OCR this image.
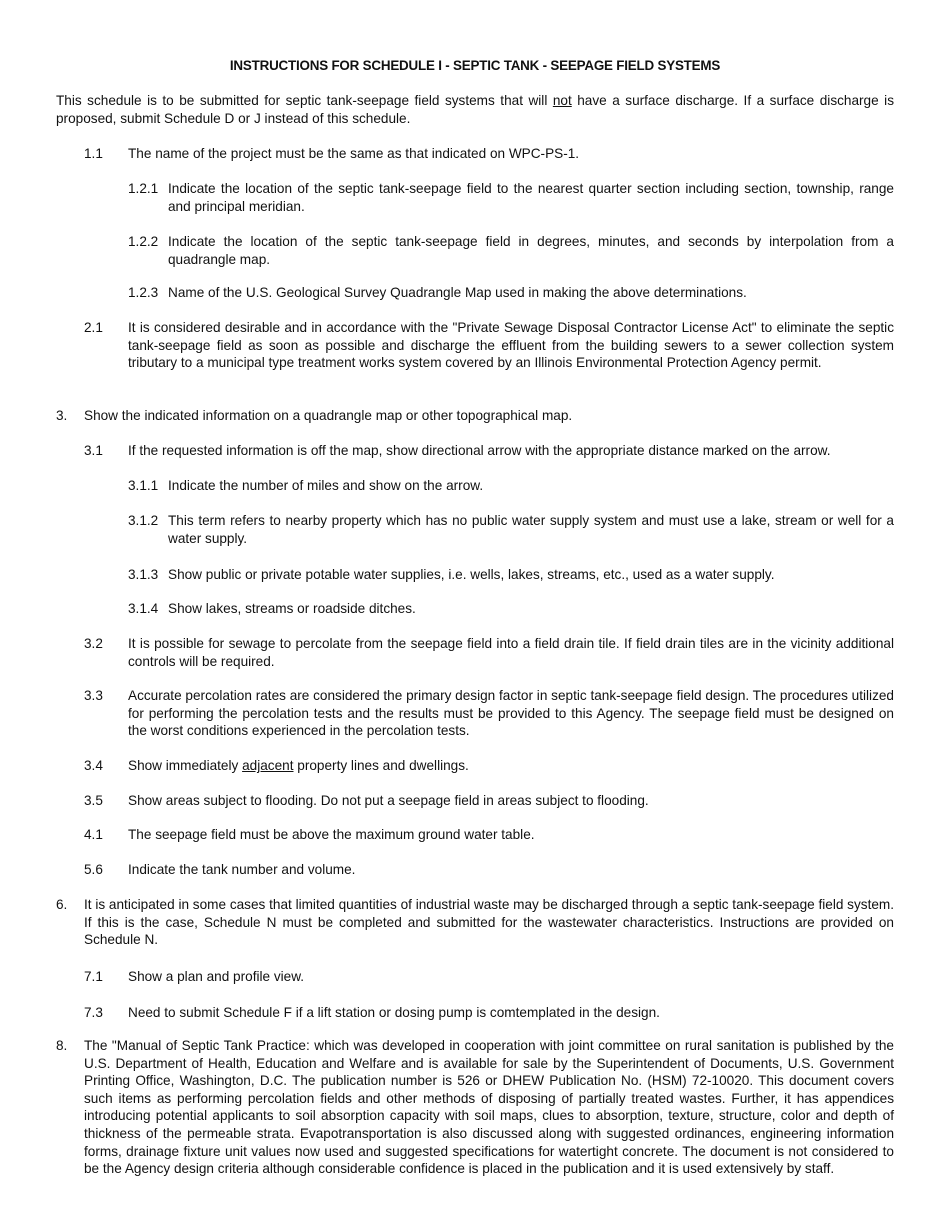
INSTRUCTIONS FOR SCHEDULE I - SEPTIC TANK - SEEPAGE FIELD SYSTEMS
This schedule is to be submitted for septic tank-seepage field systems that will not have a surface discharge. If a surface discharge is proposed, submit Schedule D or J instead of this schedule.
1.1 The name of the project must be the same as that indicated on WPC-PS-1.
1.2.1 Indicate the location of the septic tank-seepage field to the nearest quarter section including section, township, range and principal meridian.
1.2.2 Indicate the location of the septic tank-seepage field in degrees, minutes, and seconds by interpolation from a quadrangle map.
1.2.3 Name of the U.S. Geological Survey Quadrangle Map used in making the above determinations.
2.1 It is considered desirable and in accordance with the "Private Sewage Disposal Contractor License Act" to eliminate the septic tank-seepage field as soon as possible and discharge the effluent from the building sewers to a sewer collection system tributary to a municipal type treatment works system covered by an Illinois Environmental Protection Agency permit.
3. Show the indicated information on a quadrangle map or other topographical map.
3.1 If the requested information is off the map, show directional arrow with the appropriate distance marked on the arrow.
3.1.1 Indicate the number of miles and show on the arrow.
3.1.2 This term refers to nearby property which has no public water supply system and must use a lake, stream or well for a water supply.
3.1.3 Show public or private potable water supplies, i.e. wells, lakes, streams, etc., used as a water supply.
3.1.4 Show lakes, streams or roadside ditches.
3.2 It is possible for sewage to percolate from the seepage field into a field drain tile. If field drain tiles are in the vicinity additional controls will be required.
3.3 Accurate percolation rates are considered the primary design factor in septic tank-seepage field design. The procedures utilized for performing the percolation tests and the results must be provided to this Agency. The seepage field must be designed on the worst conditions experienced in the percolation tests.
3.4 Show immediately adjacent property lines and dwellings.
3.5 Show areas subject to flooding. Do not put a seepage field in areas subject to flooding.
4.1 The seepage field must be above the maximum ground water table.
5.6 Indicate the tank number and volume.
6. It is anticipated in some cases that limited quantities of industrial waste may be discharged through a septic tank-seepage field system. If this is the case, Schedule N must be completed and submitted for the wastewater characteristics. Instructions are provided on Schedule N.
7.1 Show a plan and profile view.
7.3 Need to submit Schedule F if a lift station or dosing pump is comtemplated in the design.
8. The "Manual of Septic Tank Practice: which was developed in cooperation with joint committee on rural sanitation is published by the U.S. Department of Health, Education and Welfare and is available for sale by the Superintendent of Documents, U.S. Government Printing Office, Washington, D.C. The publication number is 526 or DHEW Publication No. (HSM) 72-10020. This document covers such items as performing percolation fields and other methods of disposing of partially treated wastes. Further, it has appendices introducing potential applicants to soil absorption capacity with soil maps, clues to absorption, texture, structure, color and depth of thickness of the permeable strata. Evapotransportation is also discussed along with suggested ordinances, engineering information forms, drainage fixture unit values now used and suggested specifications for watertight concrete. The document is not considered to be the Agency design criteria although considerable confidence is placed in the publication and it is used extensively by staff.
